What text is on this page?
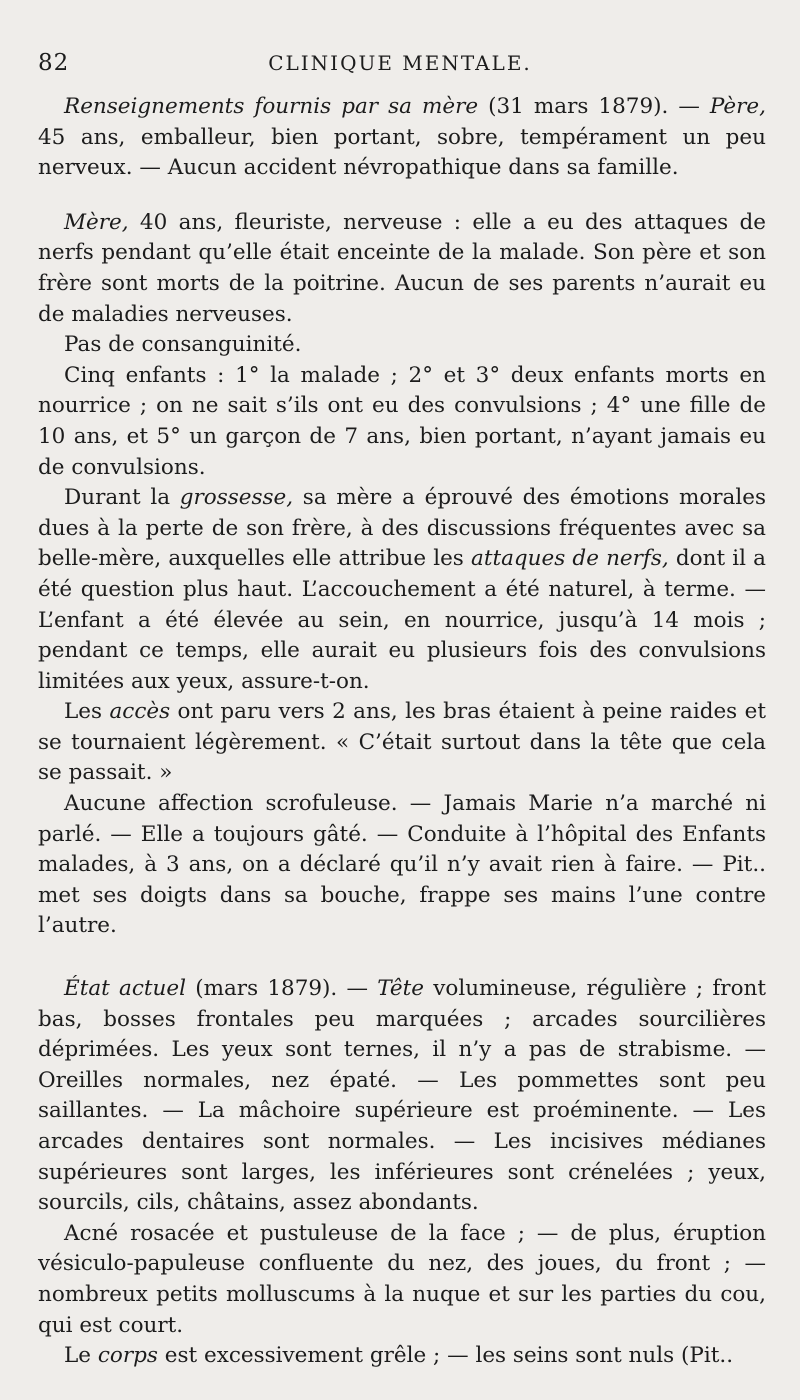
82	CLINIQUE MENTALE.

Renseignements fournis par sa mère (31 mars 1879). — Père, 45 ans, emballeur, bien portant, sobre, tempérament un peu nerveux. — Aucun accident névropathique dans sa famille.

Mère, 40 ans, fleuriste, nerveuse : elle a eu des attaques de nerfs pendant qu’elle était enceinte de la malade. Son père et son frère sont morts de la poitrine. Aucun de ses parents n’aurait eu de maladies nerveuses.

Pas de consanguinité.

Cinq enfants : 1° la malade ; 2° et 3° deux enfants morts en nourrice ; on ne sait s’ils ont eu des convulsions ; 4° une fille de 10 ans, et 5° un garçon de 7 ans, bien portant, n’ayant jamais eu de convulsions.

Durant la grossesse, sa mère a éprouvé des émotions morales dues à la perte de son frère, à des discussions fréquentes avec sa belle-mère, auxquelles elle attribue les attaques de nerfs, dont il a été question plus haut. L’accouchement a été naturel, à terme. — L’enfant a été élevée au sein, en nourrice, jusqu’à 14 mois ; pendant ce temps, elle aurait eu plusieurs fois des convulsions limitées aux yeux, assure-t-on.

Les accès ont paru vers 2 ans, les bras étaient à peine raides et se tournaient légèrement. « C’était surtout dans la tête que cela se passait. »

Aucune affection scrofuleuse. — Jamais Marie n’a marché ni parlé. — Elle a toujours gâté. — Conduite à l’hôpital des Enfants malades, à 3 ans, on a déclaré qu’il n’y avait rien à faire. — Pit.. met ses doigts dans sa bouche, frappe ses mains l’une contre l’autre.

État actuel (mars 1879). — Tête volumineuse, régulière ; front bas, bosses frontales peu marquées ; arcades sourcilières déprimées. Les yeux sont ternes, il n’y a pas de strabisme. — Oreilles normales, nez épaté. — Les pommettes sont peu saillantes. — La mâchoire supérieure est proéminente. — Les arcades dentaires sont normales. — Les incisives médianes supérieures sont larges, les inférieures sont crénelées ; yeux, sourcils, cils, châtains, assez abondants.

Acné rosacée et pustuleuse de la face ; — de plus, éruption vésiculo-papuleuse confluente du nez, des joues, du front ; — nombreux petits molluscums à la nuque et sur les parties du cou, qui est court.

Le corps est excessivement grêle ; — les seins sont nuls (Pit..
